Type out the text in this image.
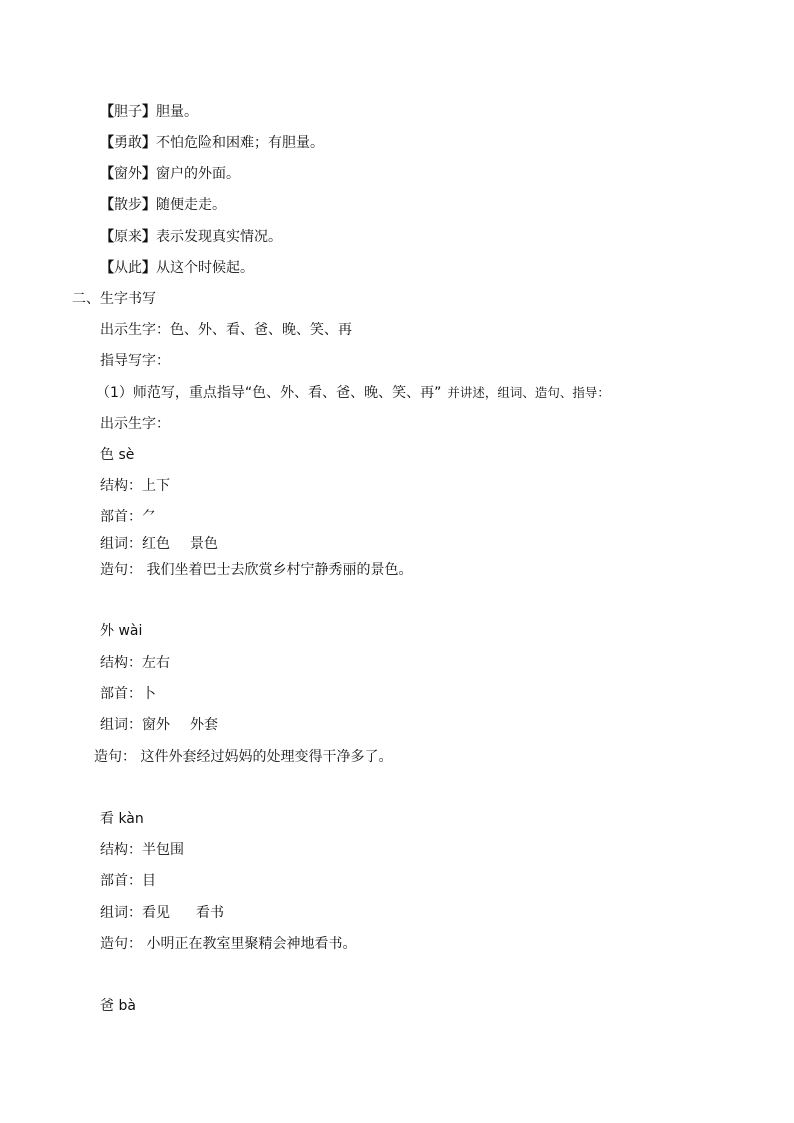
【胆子】胆量。
【勇敢】不怕危险和困难；有胆量。
【窗外】窗户的外面。
【散步】随便走走。
【原来】表示发现真实情况。
【从此】从这个时候起。
二、生字书写
出示生字：色、外、看、爸、晚、笑、再
指导写字：
（1）师范写，重点指导“色、外、看、爸、晚、笑、再” 并讲述，组词、造句、指导：
出示生字：
色 sè
结构：上下
部首：⺈
组词：红色 景色
造句： 我们坐着巴士去欣赏乡村宁静秀丽的景色。
外 wài
结构：左右
部首：卜
组词：窗外 外套
造句： 这件外套经过妈妈的处理变得干净多了。
看 kàn
结构：半包围
部首：目
组词：看见 看书
造句： 小明正在教室里聚精会神地看书。
爸 bà
